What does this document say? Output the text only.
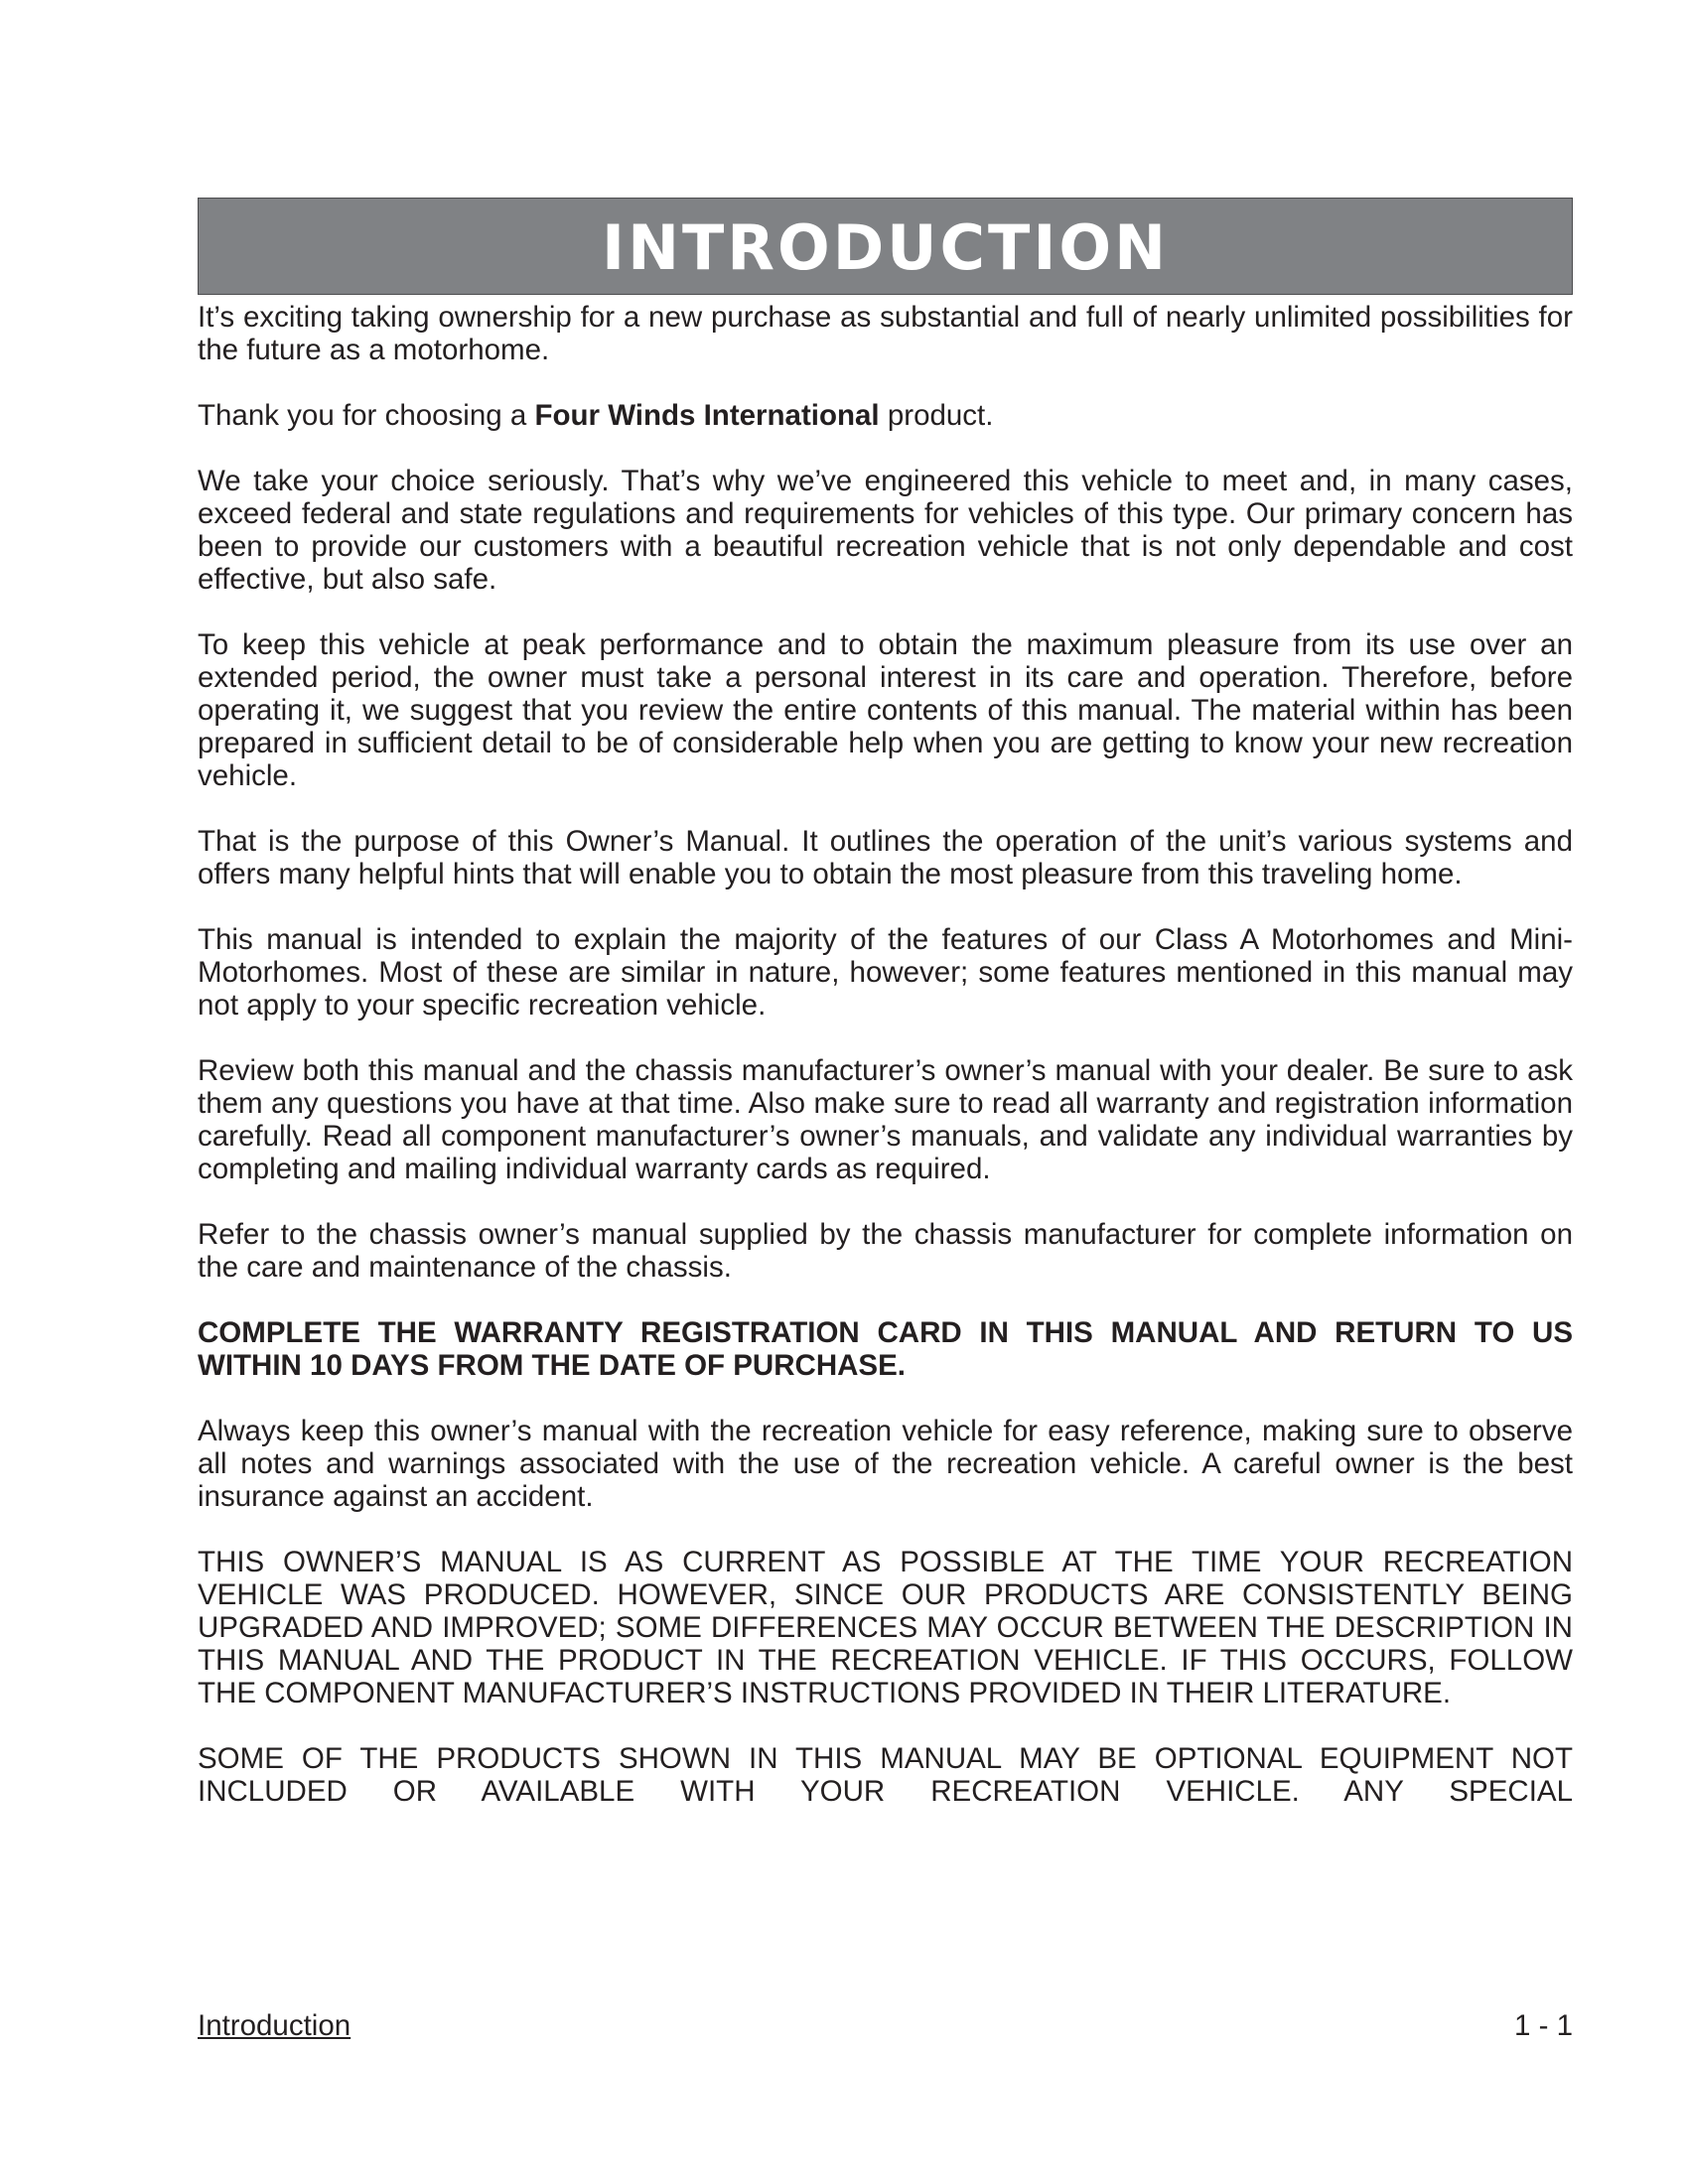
INTRODUCTION

It’s exciting taking ownership for a new purchase as substantial and full of nearly unlimited possibilities for the future as a motorhome.

Thank you for choosing a Four Winds International product.

We take your choice seriously. That’s why we’ve engineered this vehicle to meet and, in many cases, exceed federal and state regulations and requirements for vehicles of this type. Our primary concern has been to provide our customers with a beautiful recreation vehicle that is not only dependable and cost effective, but also safe.

To keep this vehicle at peak performance and to obtain the maximum pleasure from its use over an extended period, the owner must take a personal interest in its care and operation. Therefore, before operating it, we suggest that you review the entire contents of this manual. The material within has been prepared in sufficient detail to be of considerable help when you are getting to know your new recreation vehicle.

That is the purpose of this Owner’s Manual. It outlines the operation of the unit’s various systems and offers many helpful hints that will enable you to obtain the most pleasure from this traveling home.

This manual is intended to explain the majority of the features of our Class A Motorhomes and Mini-Motorhomes. Most of these are similar in nature, however; some features mentioned in this manual may not apply to your specific recreation vehicle.

Review both this manual and the chassis manufacturer’s owner’s manual with your dealer. Be sure to ask them any questions you have at that time. Also make sure to read all warranty and registration information carefully. Read all component manufacturer’s owner’s manuals, and validate any individual warranties by completing and mailing individual warranty cards as required.

Refer to the chassis owner’s manual supplied by the chassis manufacturer for complete information on the care and maintenance of the chassis.

COMPLETE THE WARRANTY REGISTRATION CARD IN THIS MANUAL AND RETURN TO US WITHIN 10 DAYS FROM THE DATE OF PURCHASE.

Always keep this owner’s manual with the recreation vehicle for easy reference, making sure to observe all notes and warnings associated with the use of the recreation vehicle. A careful owner is the best insurance against an accident.

THIS OWNER’S MANUAL IS AS CURRENT AS POSSIBLE AT THE TIME YOUR RECREATION VEHICLE WAS PRODUCED. HOWEVER, SINCE OUR PRODUCTS ARE CONSISTENTLY BEING UPGRADED AND IMPROVED; SOME DIFFERENCES MAY OCCUR BETWEEN THE DESCRIPTION IN THIS MANUAL AND THE PRODUCT IN THE RECREATION VEHICLE. IF THIS OCCURS, FOLLOW THE COMPONENT MANUFACTURER’S INSTRUCTIONS PROVIDED IN THEIR LITERATURE.

SOME OF THE PRODUCTS SHOWN IN THIS MANUAL MAY BE OPTIONAL EQUIPMENT NOT INCLUDED OR AVAILABLE WITH YOUR RECREATION VEHICLE. ANY SPECIAL

Introduction	1 - 1
